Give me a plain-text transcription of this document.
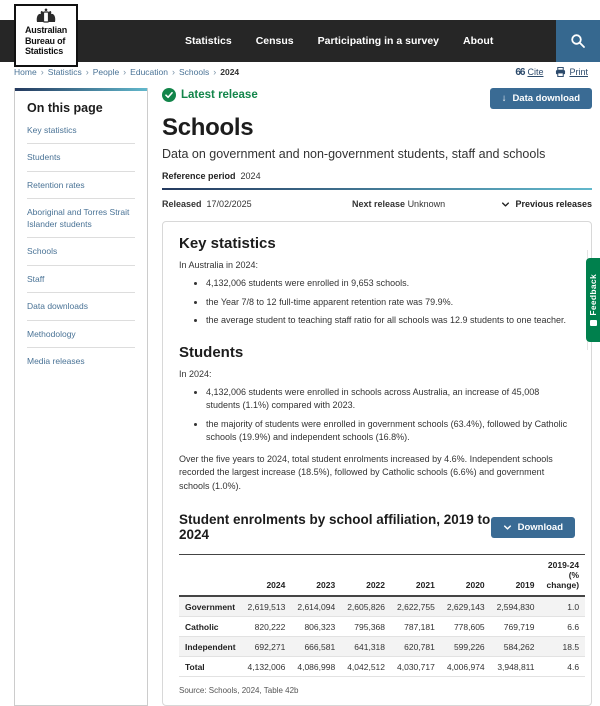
Australian
Bureau of
Statistics
Statistics Census Participating in a survey About
Home › Statistics › People › Education › Schools › 2024	66 Cite	Print
On this page
Key statistics
Students
Retention rates
Aboriginal and Torres Strait Islander students
Schools
Staff
Data downloads
Methodology
Media releases
Latest release	↓ Data download
Schools
Data on government and non-government students, staff and schools
Reference period 2024
Released 17/02/2025	Next release Unknown	Previous releases
Key statistics
In Australia in 2024:
• 4,132,006 students were enrolled in 9,653 schools.
• the Year 7/8 to 12 full-time apparent retention rate was 79.9%.
• the average student to teaching staff ratio for all schools was 12.9 students to one teacher.
Students
In 2024:
• 4,132,006 students were enrolled in schools across Australia, an increase of 45,008 students (1.1%) compared with 2023.
• the majority of students were enrolled in government schools (63.4%), followed by Catholic schools (19.9%) and independent schools (16.8%).
Over the five years to 2024, total student enrolments increased by 4.6%. Independent schools recorded the largest increase (18.5%), followed by Catholic schools (6.6%) and government schools (1.0%).
Student enrolments by school affiliation, 2019 to 2024	Download
	2024	2023	2022	2021	2020	2019	2019-24 (% change)
Government	2,619,513	2,614,094	2,605,826	2,622,755	2,629,143	2,594,830	1.0
Catholic	820,222	806,323	795,368	787,181	778,605	769,719	6.6
Independent	692,271	666,581	641,318	620,781	599,226	584,262	18.5
Total	4,132,006	4,086,998	4,042,512	4,030,717	4,006,974	3,948,811	4.6
Source: Schools, 2024, Table 42b
Feedback
